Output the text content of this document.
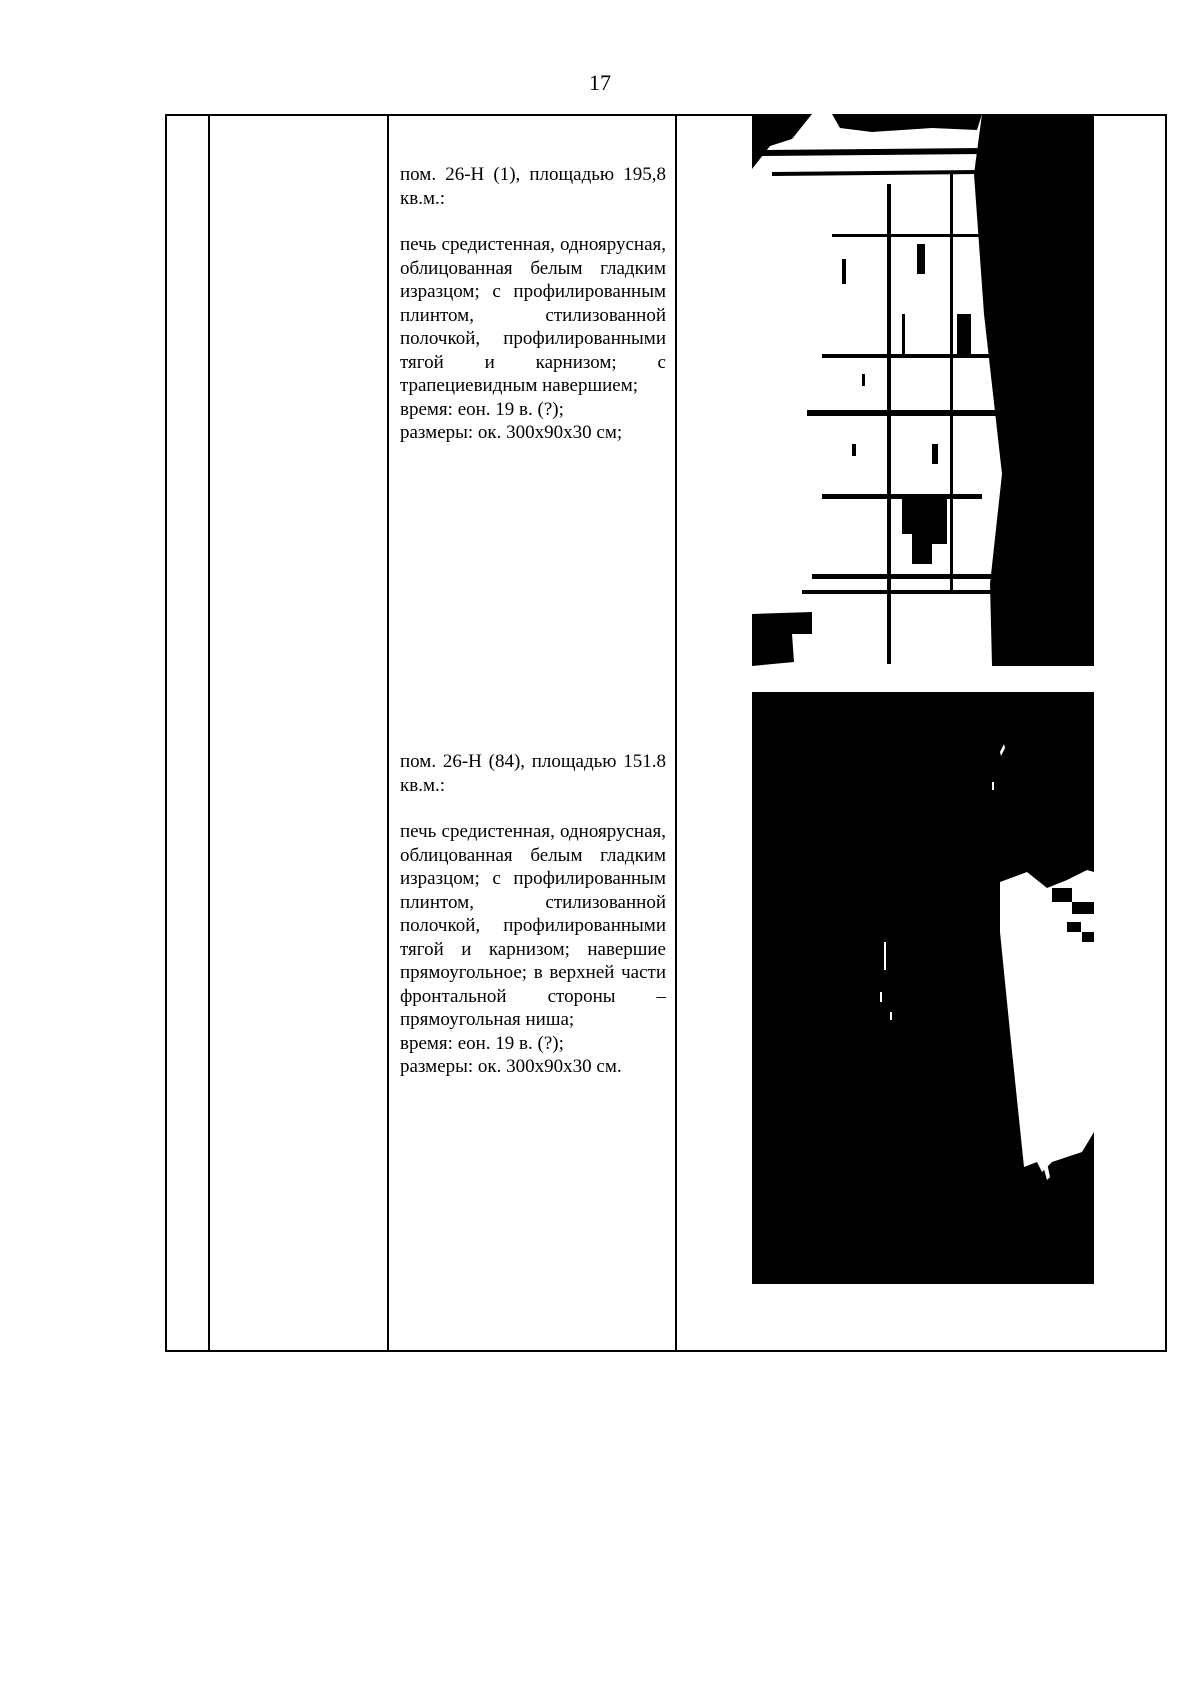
17

пом. 26-Н (1), площадью 195,8 кв.м.:

печь средистенная, одноярусная, облицованная белым гладким изразцом; с профилированным плинтом, стилизованной полочкой, профилированными тягой и карнизом; с трапециевидным навершием;

время: еон. 19 в. (?);

размеры: ок. 300х90х30 см;

пом. 26-Н (84), площадью 151.8 кв.м.:

печь средистенная, одноярусная, облицованная белым гладким изразцом; с профилированным плинтом, стилизованной полочкой, профилированными тягой и карнизом; навершие прямоугольное; в верхней части фронтальной стороны – прямоугольная ниша;

время: еон. 19 в. (?);

размеры: ок. 300х90х30 см.
